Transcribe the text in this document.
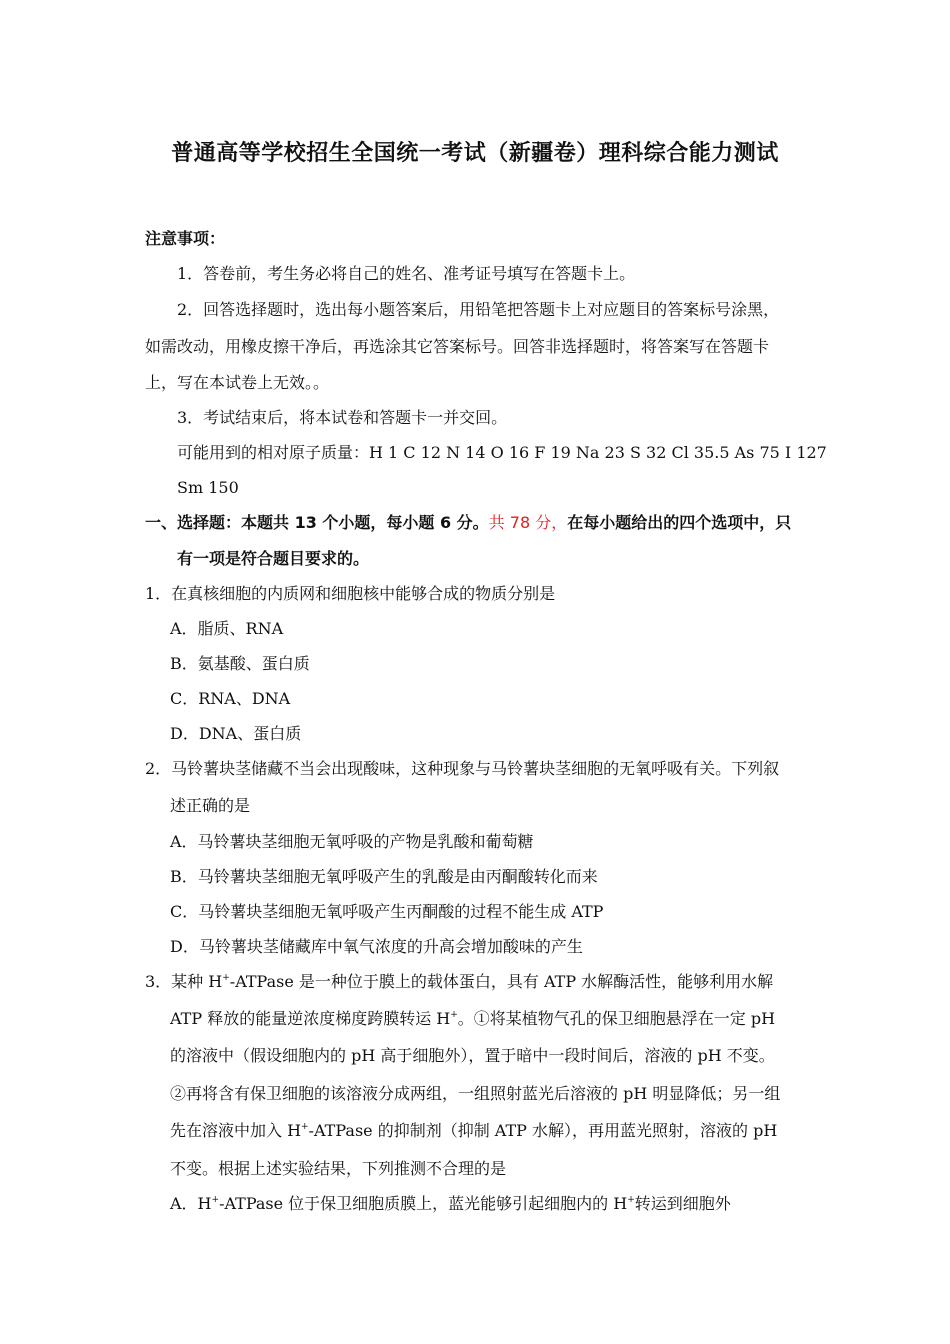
普通高等学校招生全国统一考试（新疆卷）理科综合能力测试
注意事项：
1．答卷前，考生务必将自己的姓名、准考证号填写在答题卡上。
2．回答选择题时，选出每小题答案后，用铅笔把答题卡上对应题目的答案标号涂黑，
如需改动，用橡皮擦干净后，再选涂其它答案标号。回答非选择题时，将答案写在答题卡
上，写在本试卷上无效。。
3．考试结束后，将本试卷和答题卡一并交回。
可能用到的相对原子质量：H 1 C 12 N 14 O 16 F 19 Na 23 S 32 Cl 35.5 As 75 I 127
Sm 150
一、选择题：本题共 13 个小题，每小题 6 分。共 78 分，在每小题给出的四个选项中，只
有一项是符合题目要求的。
1．在真核细胞的内质网和细胞核中能够合成的物质分别是
A．脂质、RNA
B．氨基酸、蛋白质
C．RNA、DNA
D．DNA、蛋白质
2．马铃薯块茎储藏不当会出现酸味，这种现象与马铃薯块茎细胞的无氧呼吸有关。下列叙
述正确的是
A．马铃薯块茎细胞无氧呼吸的产物是乳酸和葡萄糖
B．马铃薯块茎细胞无氧呼吸产生的乳酸是由丙酮酸转化而来
C．马铃薯块茎细胞无氧呼吸产生丙酮酸的过程不能生成 ATP
D．马铃薯块茎储藏库中氧气浓度的升高会增加酸味的产生
3．某种 H+-ATPase 是一种位于膜上的载体蛋白，具有 ATP 水解酶活性，能够利用水解
ATP 释放的能量逆浓度梯度跨膜转运 H+。①将某植物气孔的保卫细胞悬浮在一定 pH
的溶液中（假设细胞内的 pH 高于细胞外），置于暗中一段时间后，溶液的 pH 不变。
②再将含有保卫细胞的该溶液分成两组，一组照射蓝光后溶液的 pH 明显降低；另一组
先在溶液中加入 H+-ATPase 的抑制剂（抑制 ATP 水解），再用蓝光照射，溶液的 pH
不变。根据上述实验结果，下列推测不合理的是
A．H+-ATPase 位于保卫细胞质膜上，蓝光能够引起细胞内的 H+转运到细胞外
